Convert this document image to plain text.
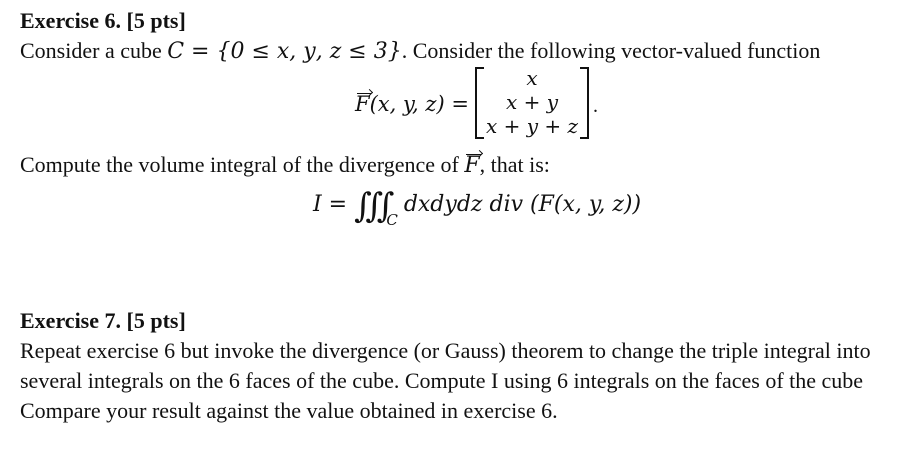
Exercise 6. [5 pts]
Consider a cube 𝐶 = {0 ≤ 𝑥, 𝑦, 𝑧 ≤ 3}. Consider the following vector-valued function
F(x, y, z) =
x
x + y
x + y + z
.
Compute the volume integral of the divergence of F, that is:
$I = ∭_Cdxdydz$ div (F(x, y, z))
Exercise 7. [5 pts]
Repeat exercise 6 but invoke the divergence (or Gauss) theorem to change the triple integral into
several integrals on the 6 faces of the cube. Compute I using 6 integrals on the faces of the cube
Compare your result against the value obtained in exercise 6.
